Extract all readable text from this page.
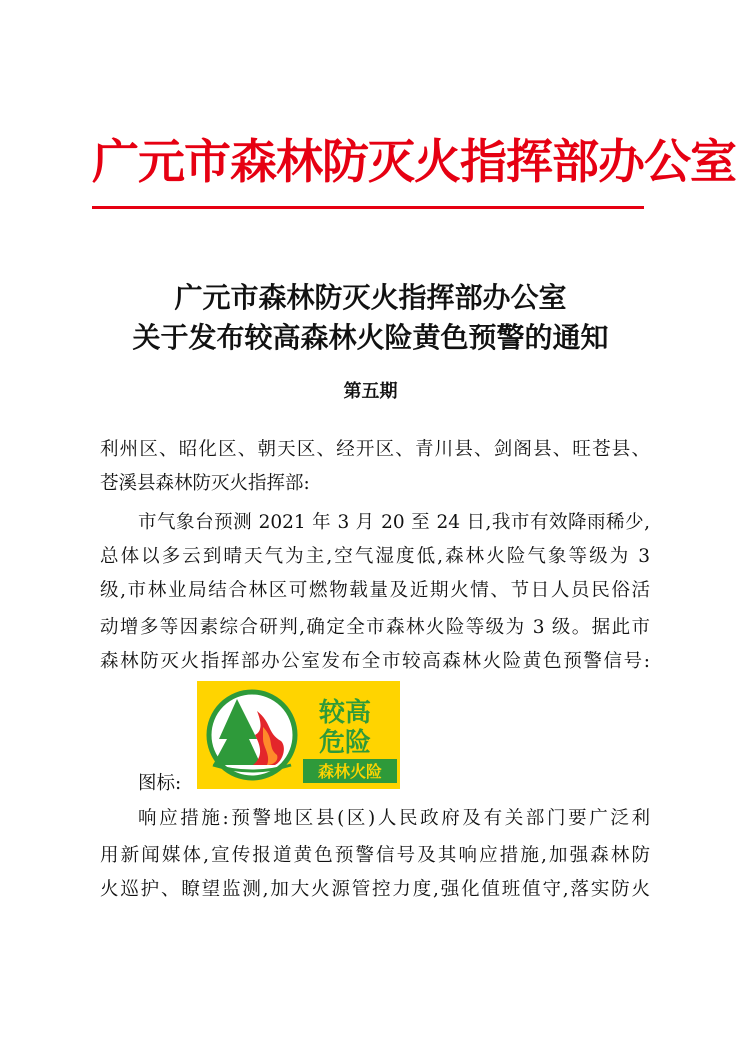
广元市森林防灭火指挥部办公室
广元市森林防灭火指挥部办公室
关于发布较高森林火险黄色预警的通知
第五期
利州区、昭化区、朝天区、经开区、青川县、剑阁县、旺苍县、
苍溪县森林防灭火指挥部:
市气象台预测 2021 年 3 月 20 至 24 日,我市有效降雨稀少,
总体以多云到晴天气为主,空气湿度低,森林火险气象等级为 3
级,市林业局结合林区可燃物载量及近期火情、节日人员民俗活
动增多等因素综合研判,确定全市森林火险等级为 3 级。据此市
森林防灭火指挥部办公室发布全市较高森林火险黄色预警信号:
图标:
较高
危险
森林火险
响应措施:预警地区县(区)人民政府及有关部门要广泛利
用新闻媒体,宣传报道黄色预警信号及其响应措施,加强森林防
火巡护、瞭望监测,加大火源管控力度,强化值班值守,落实防火
